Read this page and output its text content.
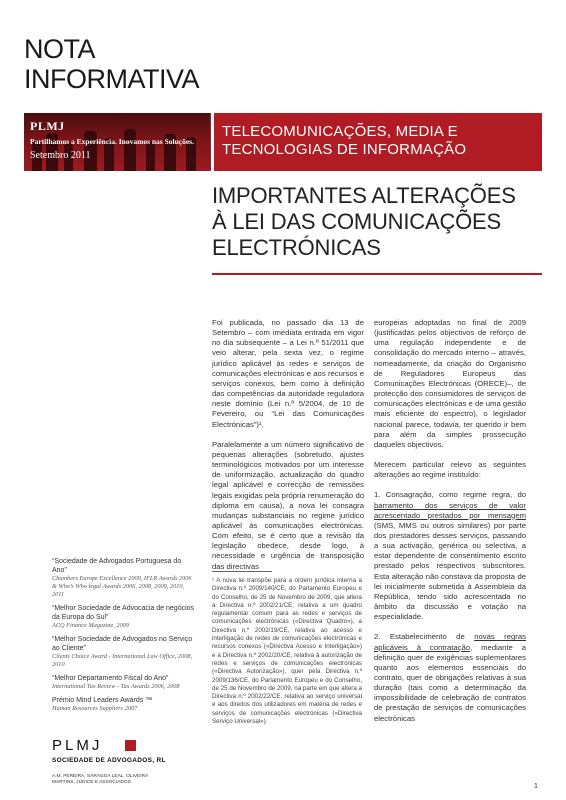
NOTA
INFORMATIVA
PLMJ
Partilhamos a Experiência. Inovamos nas Soluções.
Setembro 2011
TELECOMUNICAÇÕES, MEDIA E
TECNOLOGIAS DE INFORMAÇÃO
IMPORTANTES ALTERAÇÕES
À LEI DAS COMUNICAÇÕES
ELECTRÓNICAS

Foi publicada, no passado dia 13 de Setembro – com imediata entrada em vigor no dia subsequente – a Lei n.º 51/2011 que veio alterar, pela sexta vez, o regime jurídico aplicável às redes e serviços de comunicações electrónicas e aos recursos e serviços conexos, bem como à definição das competências da autoridade reguladora neste domínio (Lei n.º 5/2004, de 10 de Fevereiro, ou “Lei das Comunicações Electrónicas”)¹.

Paralelamente a um número significativo de pequenas alterações (sobretudo, ajustes terminológicos motivados por um interesse de uniformização, actualização do quadro legal aplicável e correcção de remissões legais exigidas pela própria renumeração do diploma em causa), a nova lei consagra mudanças substanciais no regime jurídico aplicável às comunicações electrónicas. Com efeito, se é certo que a revisão da legislação obedece, desde logo, à necessidade e urgência de transposição das directivas

europeias adoptadas no final de 2009 (justificadas pelos objectivos de reforço de uma regulação independente e de consolidação do mercado interno – através, nomeadamente, da criação do Organismo de Reguladores Europeus das Comunicações Electrónicas (ORECE)–, de protecção dos consumidores de serviços de comunicações electrónicas e de uma gestão mais eficiente do espectro), o legislador nacional parece, todavia, ter querido ir bem para além da simples prossecução daqueles objectivos.

Merecem particular relevo as seguintes alterações ao regime instituído:

1. Consagração, como regime regra, do barramento dos serviços de valor acrescentado prestados por mensagem (SMS, MMS ou outros similares) por parte dos prestadores desses serviços, passando a sua activação, genérica ou selectiva, a estar dependente de consentimento escrito prestado pelos respectivos subscritores. Esta alteração não constava da proposta de lei inicialmente submetida à Assembleia da República, tendo sido acrescentada no âmbito da discussão e votação na especialidade.

2. Estabelecimento de novas regras aplicáveis à contratação, mediante a definição quer de exigências suplementares quanto aos elementos essenciais do contrato, quer de obrigações relativas à sua duração (tais como a determinação da impossibilidade de celebração de contratos de prestação de serviços de comunicações electrónicas

¹ A nova lei transpõe para a ordem jurídica interna a Directiva n.º 2009/140/CE, do Parlamento Europeu e do Conselho, de 25 de Novembro de 2009, que altera a Directiva n.º 2002/21/CE, relativa a um quadro regulamentar comum para as redes e serviços de comunicações electrónicas («Directiva Quadro»), a Directiva n.º 2002/19/CE, relativa ao acesso e interligação de redes de comunicações electrónicas e recursos conexos («Directiva Acesso e Interligação») e a Directiva n.º 2002/20/CE, relativa à autorização de redes e serviços de comunicações electrónicas («Directiva Autorização»), quer pela Directiva n.º 2009/136/CE, do Parlamento Europeu e do Conselho, de 25 de Novembro de 2009, na parte em que altera a Directiva n.º 2002/22/CE, relativa ao serviço universal e aos direitos dos utilizadores em matéria de redes e serviços de comunicações electrónicas («Directiva Serviço Universal»).
“Sociedade de Advogados Portuguesa do Ano”
Chambers Europe Excellence 2009, IFLR Awards 2006 & Who’s Who legal Awards 2006, 2008, 2009, 2010, 2011
“Melhor Sociedade de Advocacia de negócios da Europa do Sul”
ACQ Finance Magazine, 2009
“Melhor Sociedade de Advogados no Serviço ao Cliente”
Clients Choice Award - International Law Office, 2008, 2010
“Melhor Departamento Fiscal do Ano”
International Tax Review - Tax Awards 2006, 2008
Prémio Mind Leaders Awards ™
Human Resources Suppliers 2007
PLMJ
SOCIEDADE DE ADVOGADOS, RL
A.M. PEREIRA, SÁRAGGA LEAL, OLIVEIRA MARTINS, JÚDICE E ASSOCIADOS
1
